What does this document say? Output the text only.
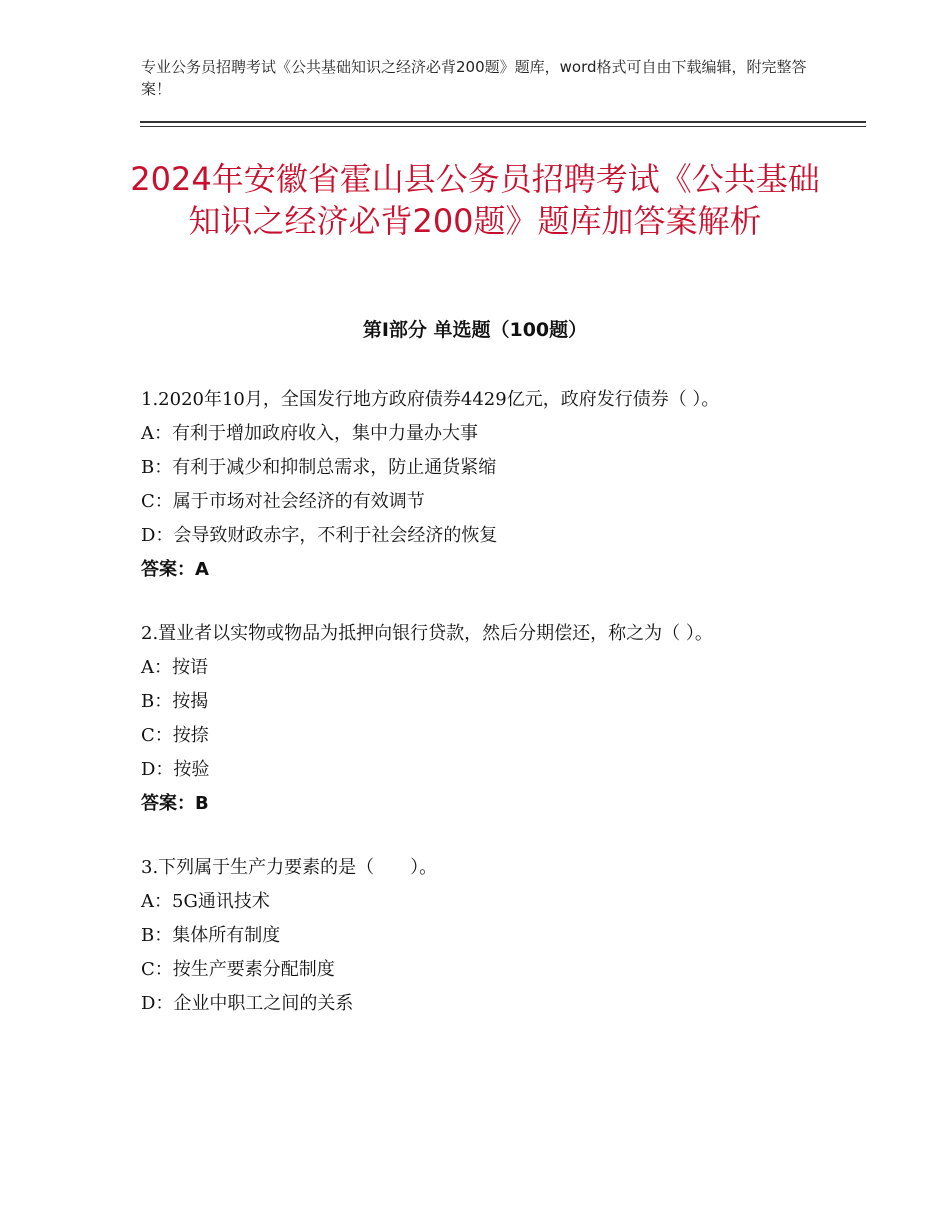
专业公务员招聘考试《公共基础知识之经济必背200题》题库，word格式可自由下载编辑，附完整答案！
2024年安徽省霍山县公务员招聘考试《公共基础知识之经济必背200题》题库加答案解析
第I部分 单选题（100题）

1.2020年10月，全国发行地方政府债券4429亿元，政府发行债券（ ）。

A：有利于增加政府收入，集中力量办大事

B：有利于减少和抑制总需求，防止通货紧缩

C：属于市场对社会经济的有效调节

D：会导致财政赤字，不利于社会经济的恢复

答案：A

2.置业者以实物或物品为抵押向银行贷款，然后分期偿还，称之为（ ）。

A：按语

B：按揭

C：按捺

D：按验

答案：B

3.下列属于生产力要素的是（　　）。

A：5G通讯技术

B：集体所有制度

C：按生产要素分配制度

D：企业中职工之间的关系
